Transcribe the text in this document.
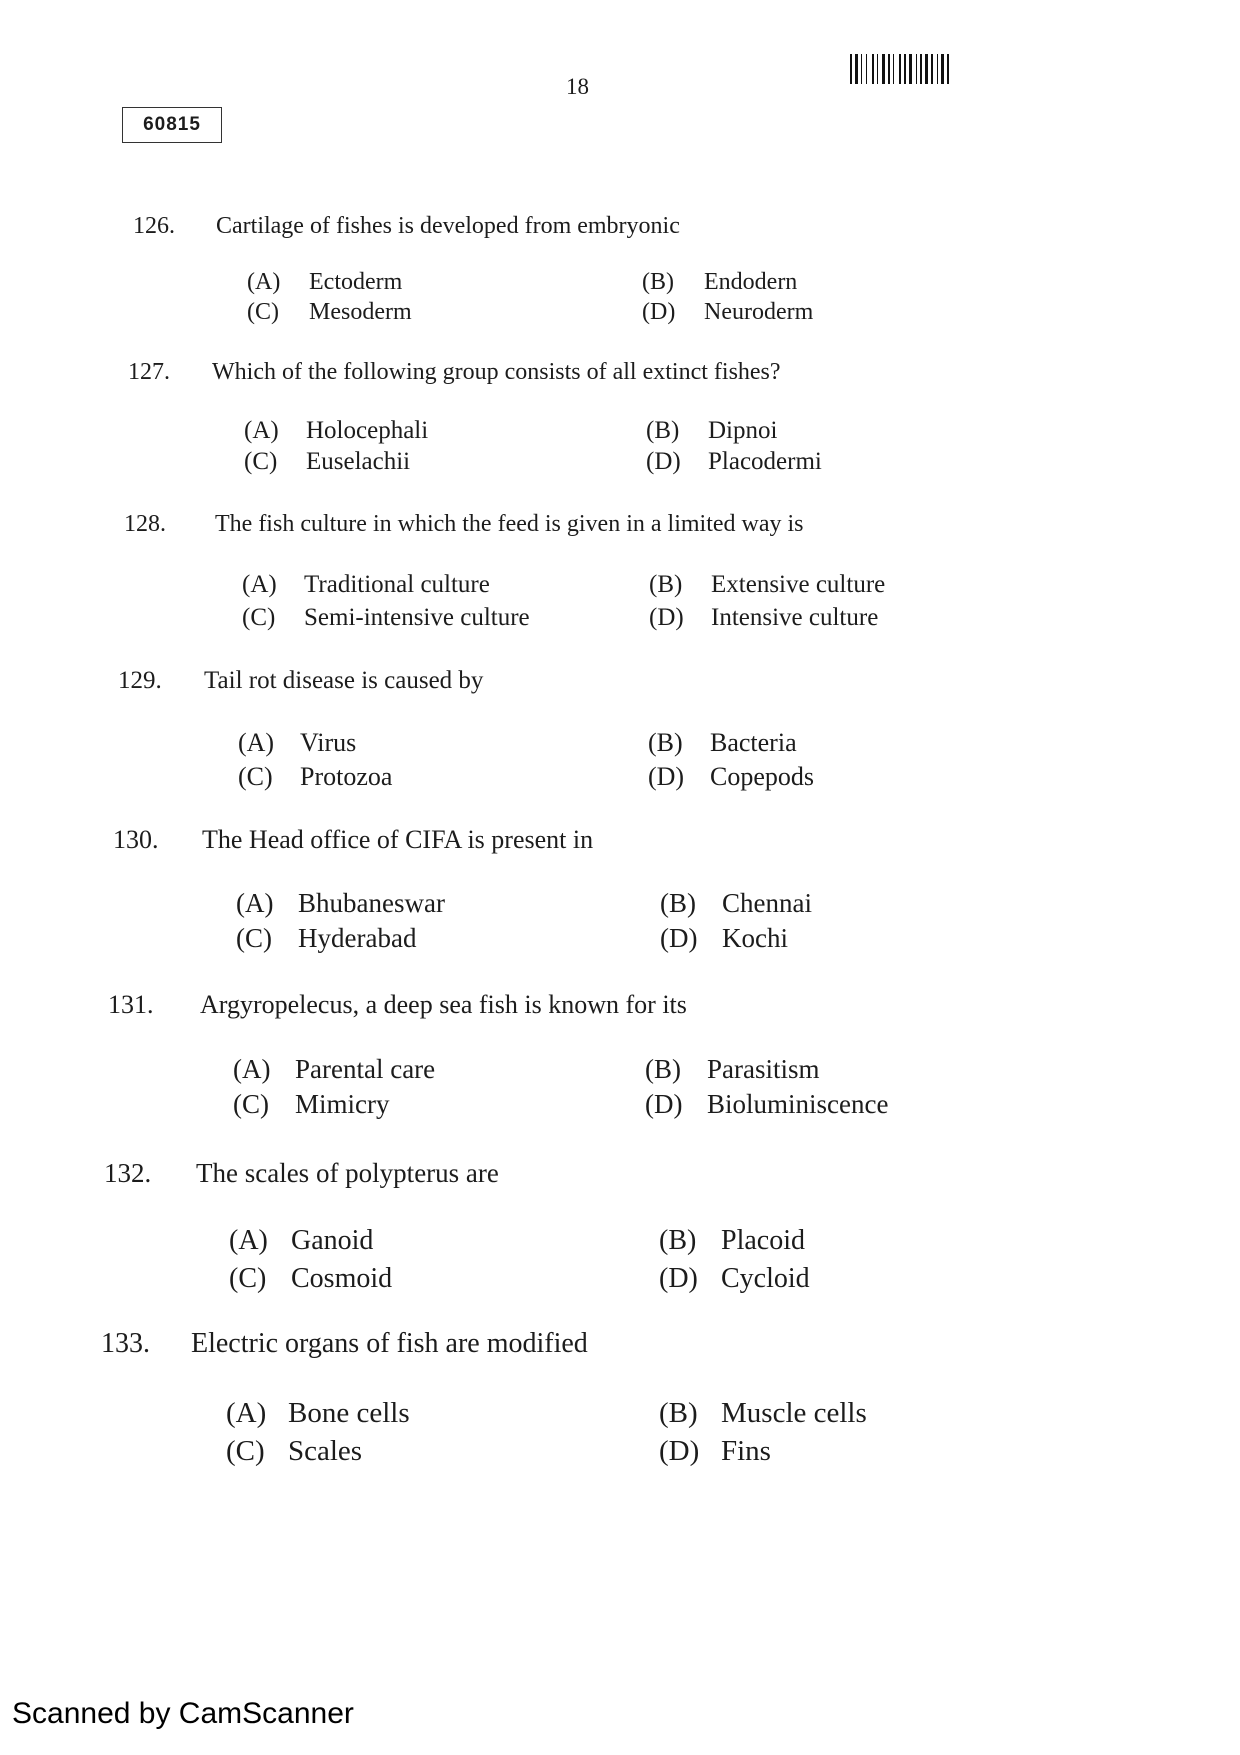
18
60815
126. Cartilage of fishes is developed from embryonic
(A) Ectoderm	(B) Endodern
(C) Mesoderm	(D) Neuroderm
127. Which of the following group consists of all extinct fishes?
(A) Holocephali	(B) Dipnoi
(C) Euselachii	(D) Placodermi
128. The fish culture in which the feed is given in a limited way is
(A) Traditional culture	(B) Extensive culture
(C) Semi-intensive culture	(D) Intensive culture
129. Tail rot disease is caused by
(A) Virus	(B) Bacteria
(C) Protozoa	(D) Copepods
130. The Head office of CIFA is present in
(A) Bhubaneswar	(B) Chennai
(C) Hyderabad	(D) Kochi
131. Argyropelecus, a deep sea fish is known for its
(A) Parental care	(B) Parasitism
(C) Mimicry	(D) Bioluminiscence
132. The scales of polypterus are
(A) Ganoid	(B) Placoid
(C) Cosmoid	(D) Cycloid
133. Electric organs of fish are modified
(A) Bone cells	(B) Muscle cells
(C) Scales	(D) Fins
Scanned by CamScanner
